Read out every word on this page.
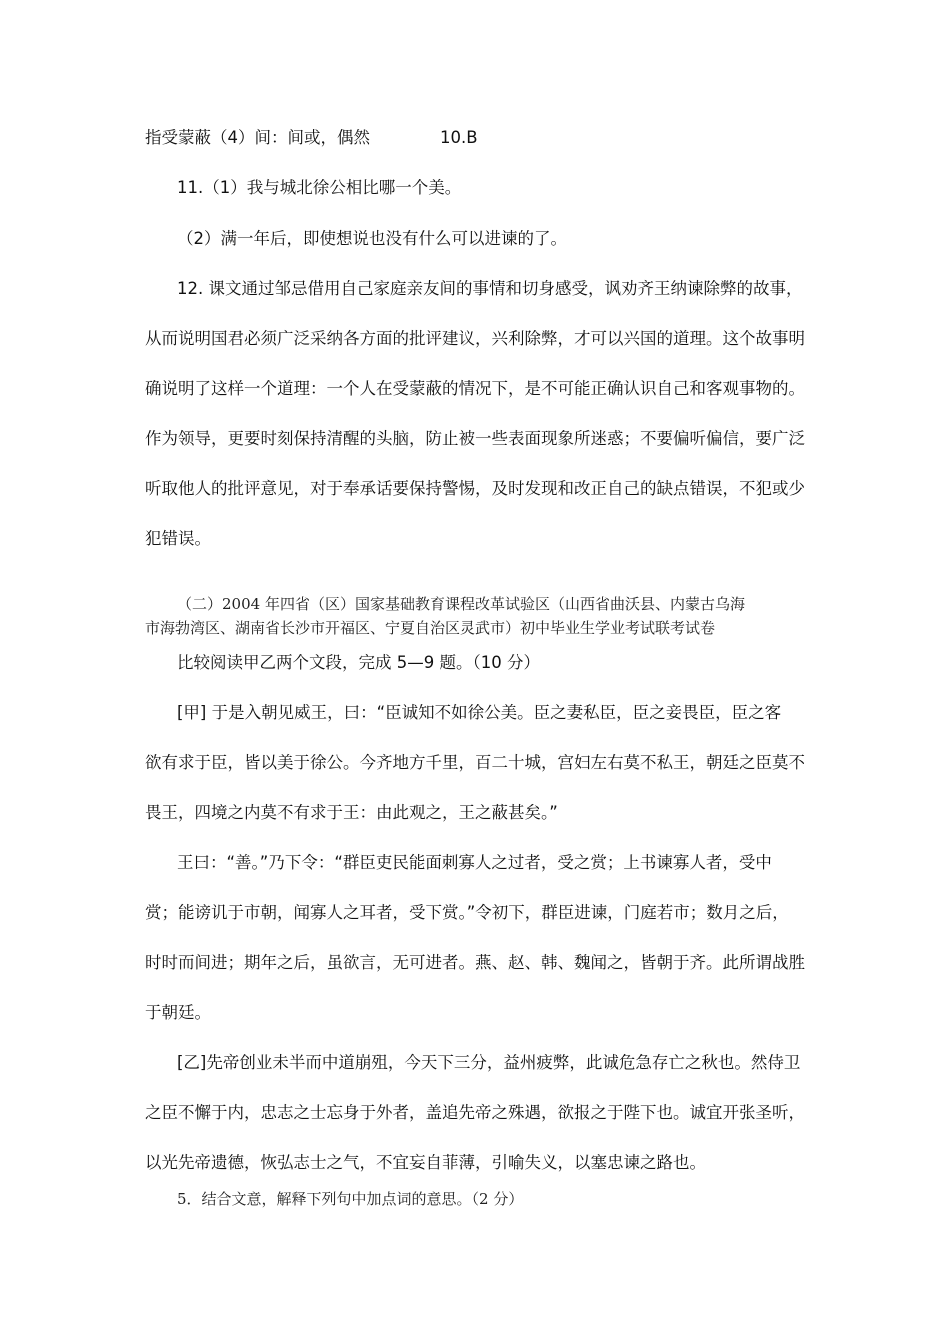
指受蒙蔽（4）间：间或，偶然	10.B

11.（1）我与城北徐公相比哪一个美。

（2）满一年后，即使想说也没有什么可以进谏的了。

12. 课文通过邹忌借用自己家庭亲友间的事情和切身感受，讽劝齐王纳谏除弊的故事，

从而说明国君必须广泛采纳各方面的批评建议，兴利除弊，才可以兴国的道理。这个故事明

确说明了这样一个道理：一个人在受蒙蔽的情况下，是不可能正确认识自己和客观事物的。

作为领导，更要时刻保持清醒的头脑，防止被一些表面现象所迷惑；不要偏听偏信，要广泛

听取他人的批评意见，对于奉承话要保持警惕，及时发现和改正自己的缺点错误，不犯或少

犯错误。

（二）2004 年四省（区）国家基础教育课程改革试验区（山西省曲沃县、内蒙古乌海

市海勃湾区、湖南省长沙市开福区、宁夏自治区灵武市）初中毕业生学业考试联考试卷

比较阅读甲乙两个文段，完成 5—9 题。（10 分）

[甲] 于是入朝见威王，曰：“臣诚知不如徐公美。臣之妻私臣，臣之妾畏臣，臣之客

欲有求于臣，皆以美于徐公。今齐地方千里，百二十城，宫妇左右莫不私王，朝廷之臣莫不

畏王，四境之内莫不有求于王：由此观之，王之蔽甚矣。”

王曰：“善。”乃下令：“群臣吏民能面刺寡人之过者，受之赏；上书谏寡人者，受中

赏；能谤讥于市朝，闻寡人之耳者，受下赏。”令初下，群臣进谏，门庭若市；数月之后，

时时而间进；期年之后，虽欲言，无可进者。燕、赵、韩、魏闻之，皆朝于齐。此所谓战胜

于朝廷。

[乙]先帝创业未半而中道崩殂，今天下三分，益州疲弊，此诚危急存亡之秋也。然侍卫

之臣不懈于内，忠志之士忘身于外者，盖追先帝之殊遇，欲报之于陛下也。诚宜开张圣听，

以光先帝遗德，恢弘志士之气，不宜妄自菲薄，引喻失义，以塞忠谏之路也。

5．结合文意，解释下列句中加点词的意思。（2 分）
